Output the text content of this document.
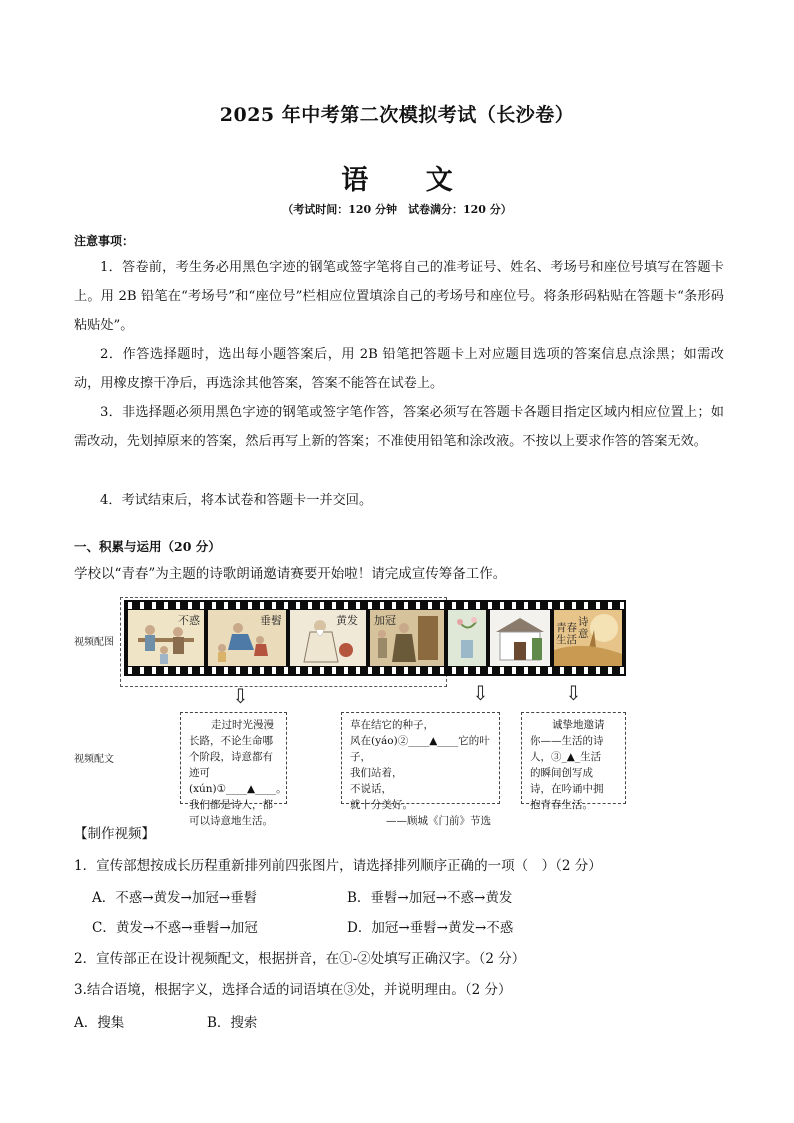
2025 年中考第二次模拟考试（长沙卷）
语 文
（考试时间：120 分钟　试卷满分：120 分）
注意事项：
1．答卷前，考生务必用黑色字迹的钢笔或签字笔将自己的准考证号、姓名、考场号和座位号填写在答题卡上。用 2B 铅笔在“考场号”和“座位号”栏相应位置填涂自己的考场号和座位号。将条形码粘贴在答题卡“条形码粘贴处”。
2．作答选择题时，选出每小题答案后，用 2B 铅笔把答题卡上对应题目选项的答案信息点涂黑；如需改动，用橡皮擦干净后，再选涂其他答案，答案不能答在试卷上。
3．非选择题必须用黑色字迹的钢笔或签字笔作答，答案必须写在答题卡各题目指定区域内相应位置上；如需改动，先划掉原来的答案，然后再写上新的答案；不准使用铅笔和涂改液。不按以上要求作答的答案无效。
4．考试结束后，将本试卷和答题卡一并交回。
一、积累与运用（20 分）
学校以“青春”为主题的诗歌朗诵邀请赛要开始啦！请完成宣传筹备工作。
视频配图
不惑	垂髫	黄发 加冠
青春生活
诗意
⇩	⇩	⇩
视频配文

走过时光漫漫

长路，不论生命哪

个阶段，诗意都有

迹可(xún)①____▲____。

我们都是诗人，都

可以诗意地生活。

草在结它的种子，

风在(yáo)②____▲____它的叶子，

我们站着，

不说话，

就十分美好。

——顾城《门前》节选

诚挚地邀请

你——生活的诗

人，③_▲_生活

的瞬间创写成

诗，在吟诵中拥

抱青春生活。

【制作视频】
1．宣传部想按成长历程重新排列前四张图片，请选择排列顺序正确的一项（　）（2 分）
A．不惑→黄发→加冠→垂髫	B．垂髫→加冠→不惑→黄发
C．黄发→不惑→垂髫→加冠	D．加冠→垂髫→黄发→不惑
2．宣传部正在设计视频配文，根据拼音，在①-②处填写正确汉字。（2 分）
3.结合语境，根据字义，选择合适的词语填在③处，并说明理由。（2 分）
A．搜集	B．搜索
